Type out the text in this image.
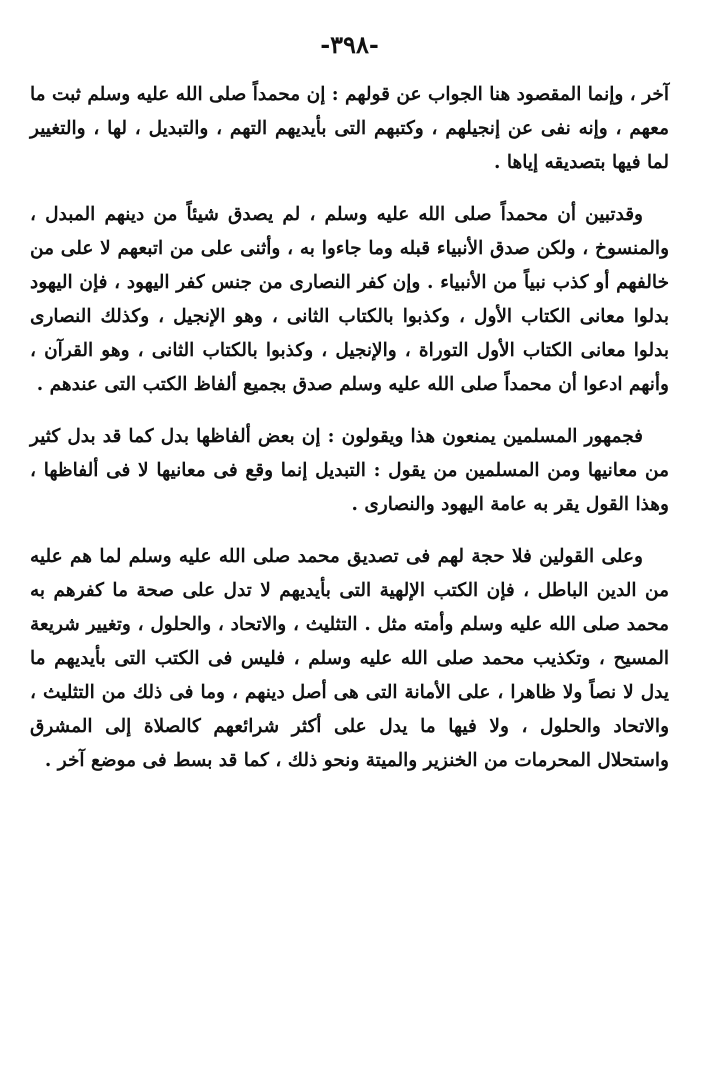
-٣٩٨-

آخر ، وإنما المقصود هنا الجواب عن قولهم : إن محمداً صلى الله عليه وسلم ثبت ما معهم ، وإنه نفى عن إنجيلهم ، وكتبهم التى بأيديهم التهم ، والتبديل ، لها ، والتغيير لما فيها بتصديقه إياها .

وقدتبين أن محمداً صلى الله عليه وسلم ، لم يصدق شيئاً من دينهم المبدل ، والمنسوخ ، ولكن صدق الأنبياء قبله وما جاءوا به ، وأثنى على من اتبعهم لا على من خالفهم أو كذب نبياً من الأنبياء . وإن كفر النصارى من جنس كفر اليهود ، فإن اليهود بدلوا معانى الكتاب الأول ، وكذبوا بالكتاب الثانى ، وهو الإنجيل ، وكذلك النصارى بدلوا معانى الكتاب الأول التوراة ، والإنجيل ، وكذبوا بالكتاب الثانى ، وهو القرآن ، وأنهم ادعوا أن محمداً صلى الله عليه وسلم صدق بجميع ألفاظ الكتب التى عندهم .

فجمهور المسلمين يمنعون هذا ويقولون : إن بعض ألفاظها بدل كما قد بدل كثير من معانيها ومن المسلمين من يقول : التبديل إنما وقع فى معانيها لا فى ألفاظها ، وهذا القول يقر به عامة اليهود والنصارى .

وعلى القولين فلا حجة لهم فى تصديق محمد صلى الله عليه وسلم لما هم عليه من الدين الباطل ، فإن الكتب الإلهية التى بأيديهم لا تدل على صحة ما كفرهم به محمد صلى الله عليه وسلم وأمته مثل . التثليث ، والاتحاد ، والحلول ، وتغيير شريعة المسيح ، وتكذيب محمد صلى الله عليه وسلم ، فليس فى الكتب التى بأيديهم ما يدل لا نصاً ولا ظاهرا ، على الأمانة التى هى أصل دينهم ، وما فى ذلك من التثليث ، والاتحاد والحلول ، ولا فيها ما يدل على أكثر شرائعهم كالصلاة إلى المشرق واستحلال المحرمات من الخنزير والميتة ونحو ذلك ، كما قد بسط فى موضع آخر .
